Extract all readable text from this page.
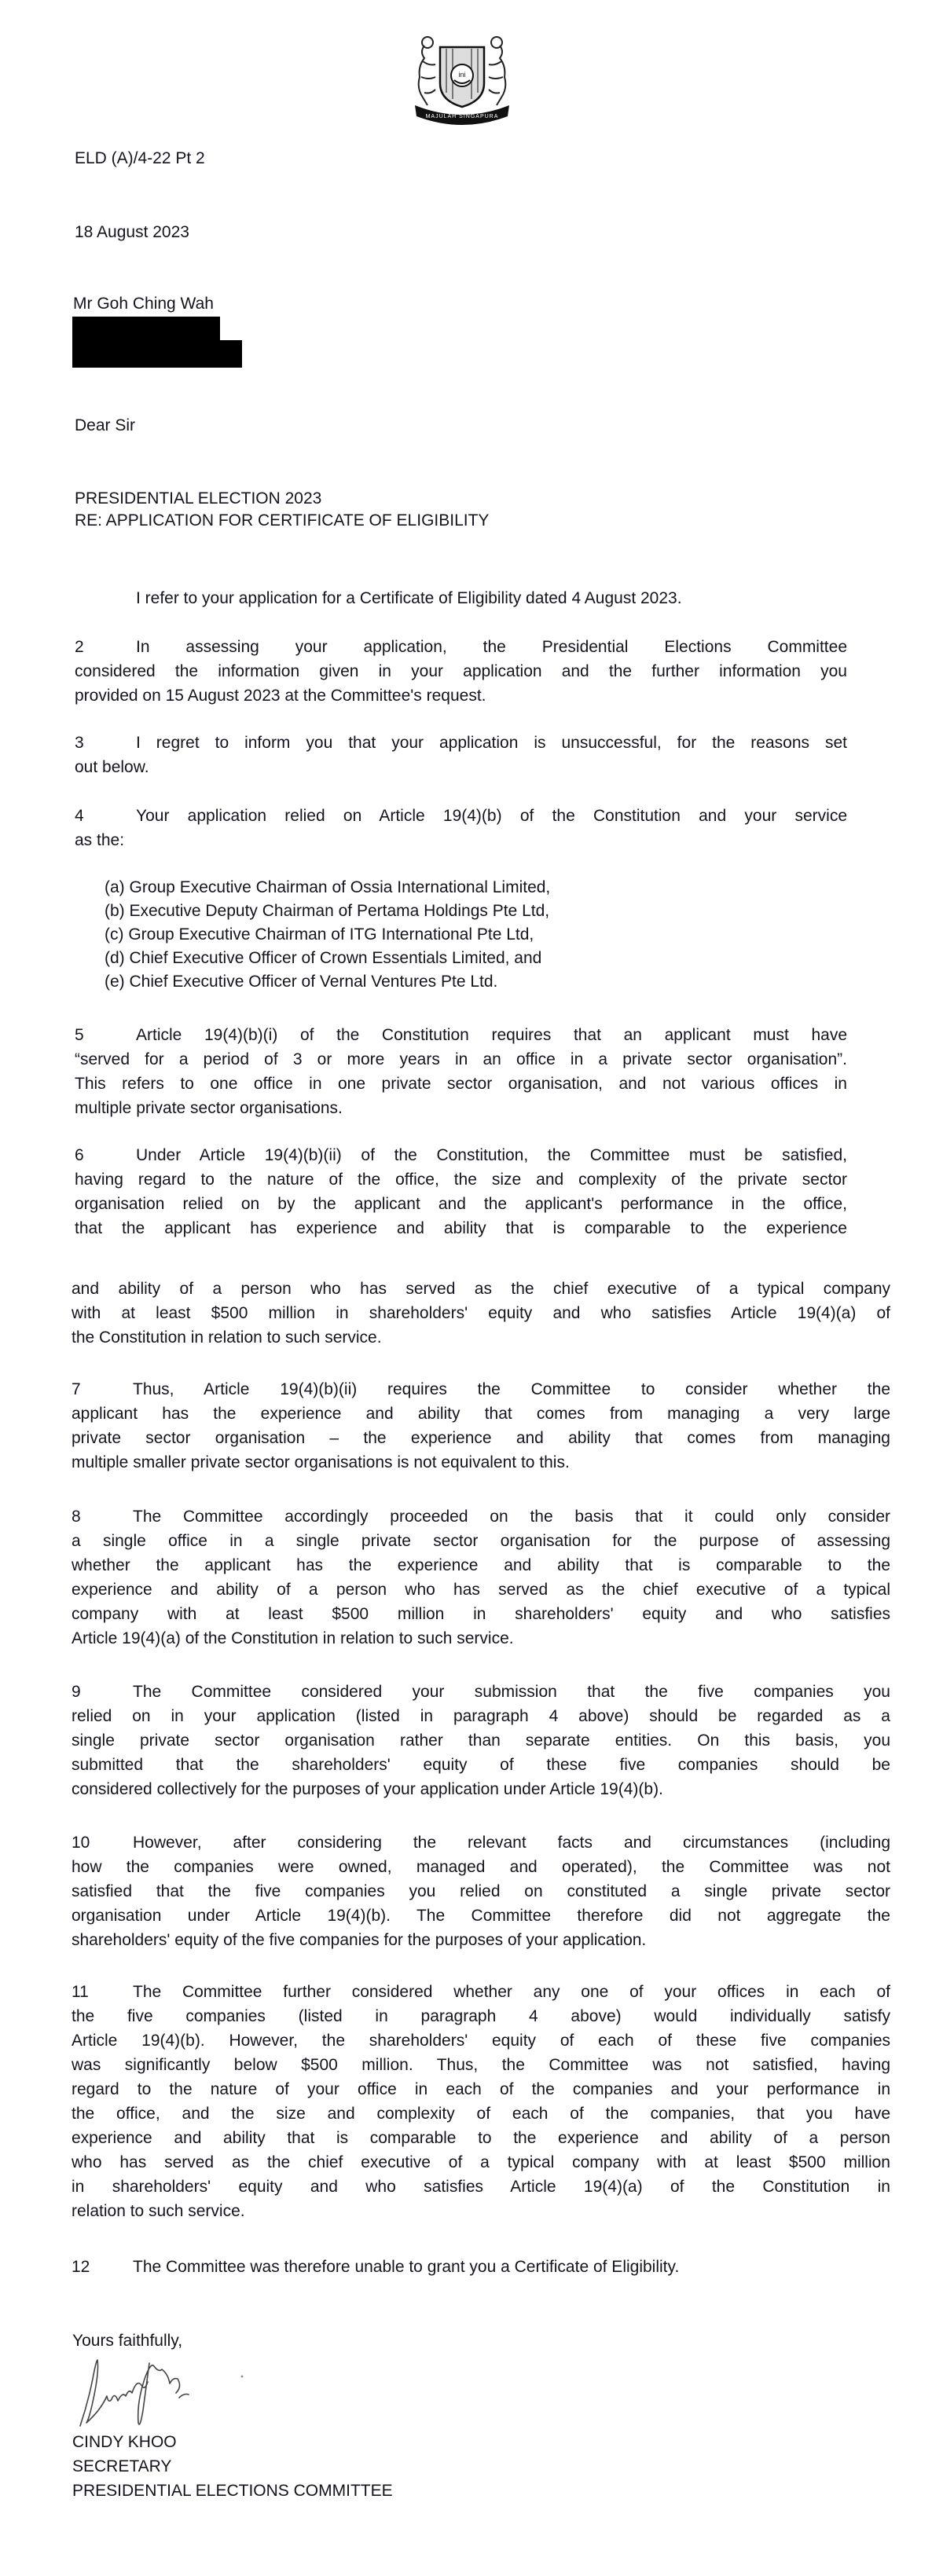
ini
MAJULAH SINGAPURA
ELD (A)/4-22 Pt 2
18 August 2023
Mr Goh Ching Wah
Dear Sir
PRESIDENTIAL ELECTION 2023
RE: APPLICATION FOR CERTIFICATE OF ELIGIBILITY
I refer to your application for a Certificate of Eligibility dated 4 August 2023.
2	In assessing your application, the Presidential Elections Committee
considered the information given in your application and the further information you
provided on 15 August 2023 at the Committee's request.
3	I regret to inform you that your application is unsuccessful, for the reasons set
out below.
4	Your application relied on Article 19(4)(b) of the Constitution and your service
as the:
(a) Group Executive Chairman of Ossia International Limited,
(b) Executive Deputy Chairman of Pertama Holdings Pte Ltd,
(c) Group Executive Chairman of ITG International Pte Ltd,
(d) Chief Executive Officer of Crown Essentials Limited, and
(e) Chief Executive Officer of Vernal Ventures Pte Ltd.
5	Article 19(4)(b)(i) of the Constitution requires that an applicant must have
“served for a period of 3 or more years in an office in a private sector organisation”.
This refers to one office in one private sector organisation, and not various offices in
multiple private sector organisations.
6	Under Article 19(4)(b)(ii) of the Constitution, the Committee must be satisfied,
having regard to the nature of the office, the size and complexity of the private sector
organisation relied on by the applicant and the applicant's performance in the office,
that the applicant has experience and ability that is comparable to the experience
and ability of a person who has served as the chief executive of a typical company
with at least $500 million in shareholders' equity and who satisfies Article 19(4)(a) of
the Constitution in relation to such service.
7	Thus, Article 19(4)(b)(ii) requires the Committee to consider whether the
applicant has the experience and ability that comes from managing a very large
private sector organisation – the experience and ability that comes from managing
multiple smaller private sector organisations is not equivalent to this.
8	The Committee accordingly proceeded on the basis that it could only consider
a single office in a single private sector organisation for the purpose of assessing
whether the applicant has the experience and ability that is comparable to the
experience and ability of a person who has served as the chief executive of a typical
company with at least $500 million in shareholders' equity and who satisfies
Article 19(4)(a) of the Constitution in relation to such service.
9	The Committee considered your submission that the five companies you
relied on in your application (listed in paragraph 4 above) should be regarded as a
single private sector organisation rather than separate entities. On this basis, you
submitted that the shareholders' equity of these five companies should be
considered collectively for the purposes of your application under Article 19(4)(b).
10	However, after considering the relevant facts and circumstances (including
how the companies were owned, managed and operated), the Committee was not
satisfied that the five companies you relied on constituted a single private sector
organisation under Article 19(4)(b). The Committee therefore did not aggregate the
shareholders' equity of the five companies for the purposes of your application.
11	The Committee further considered whether any one of your offices in each of
the five companies (listed in paragraph 4 above) would individually satisfy
Article 19(4)(b). However, the shareholders' equity of each of these five companies
was significantly below $500 million. Thus, the Committee was not satisfied, having
regard to the nature of your office in each of the companies and your performance in
the office, and the size and complexity of each of the companies, that you have
experience and ability that is comparable to the experience and ability of a person
who has served as the chief executive of a typical company with at least $500 million
in shareholders' equity and who satisfies Article 19(4)(a) of the Constitution in
relation to such service.
12	The Committee was therefore unable to grant you a Certificate of Eligibility.
Yours faithfully,
CINDY KHOO
SECRETARY
PRESIDENTIAL ELECTIONS COMMITTEE
